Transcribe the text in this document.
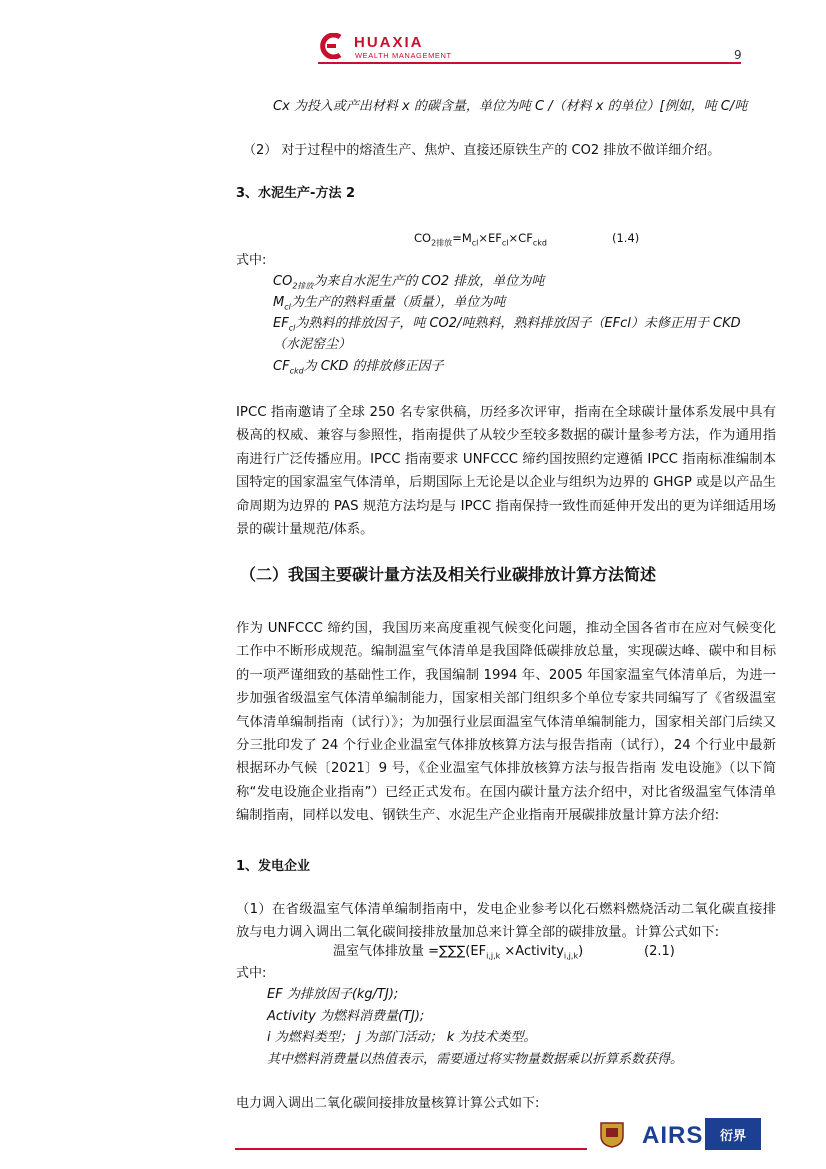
HUAXIA
WEALTH MANAGEMENT	9
Cx 为投入或产出材料 x 的碳含量，单位为吨 C /（材料 x 的单位）[例如，吨 C/吨
（2） 对于过程中的熔渣生产、焦炉、直接还原铁生产的 CO2 排放不做详细介绍。
3、水泥生产-方法 2
$CO_{2排放}=M_{cl}\times EF_{cl}\times CF_{ckd}$	(1.4)
式中:
$CO_{2排放}$为来自水泥生产的 CO2 排放，单位为吨
$M_{cl}$为生产的熟料重量（质量），单位为吨
$EF_{cl}$为熟料的排放因子，吨 CO2/吨熟料，熟料排放因子（EFcl）未修正用于 CKD
（水泥窑尘）
$CF_{ckd}$为 CKD 的排放修正因子
IPCC 指南邀请了全球 250 名专家供稿，历经多次评审，指南在全球碳计量体系发展中具有极高的权威、兼容与参照性，指南提供了从较少至较多数据的碳计量参考方法，作为通用指南进行广泛传播应用。IPCC 指南要求 UNFCCC 缔约国按照约定遵循 IPCC 指南标准编制本国特定的国家温室气体清单，后期国际上无论是以企业与组织为边界的 GHGP 或是以产品生命周期为边界的 PAS 规范方法均是与 IPCC 指南保持一致性而延伸开发出的更为详细适用场景的碳计量规范/体系。
（二）我国主要碳计量方法及相关行业碳排放计算方法简述
作为 UNFCCC 缔约国，我国历来高度重视气候变化问题，推动全国各省市在应对气候变化工作中不断形成规范。编制温室气体清单是我国降低碳排放总量，实现碳达峰、碳中和目标的一项严谨细致的基础性工作，我国编制 1994 年、2005 年国家温室气体清单后，为进一步加强省级温室气体清单编制能力，国家相关部门组织多个单位专家共同编写了《省级温室气体清单编制指南（试行）》；为加强行业层面温室气体清单编制能力，国家相关部门后续又分三批印发了 24 个行业企业温室气体排放核算方法与报告指南（试行），24 个行业中最新根据环办气候〔2021〕9 号，《企业温室气体排放核算方法与报告指南 发电设施》（以下简称“发电设施企业指南”）已经正式发布。在国内碳计量方法介绍中，对比省级温室气体清单编制指南，同样以发电、钢铁生产、水泥生产企业指南开展碳排放量计算方法介绍:
1、发电企业
（1）在省级温室气体清单编制指南中，发电企业参考以化石燃料燃烧活动二氧化碳直接排放与电力调入调出二氧化碳间接排放量加总来计算全部的碳排放量。计算公式如下:
温室气体排放量 $=\sum\sum\sum(EF_{i,j,k}$ ×Activity$_{i,j,k}$)	(2.1)
式中:
EF 为排放因子(kg/TJ);
Activity 为燃料消费量(TJ);
i 为燃料类型； j 为部门活动； k 为技术类型。
其中燃料消费量以热值表示，需要通过将实物量数据乘以折算系数获得。
电力调入调出二氧化碳间接排放量核算计算公式如下:
AIRS	衍界
